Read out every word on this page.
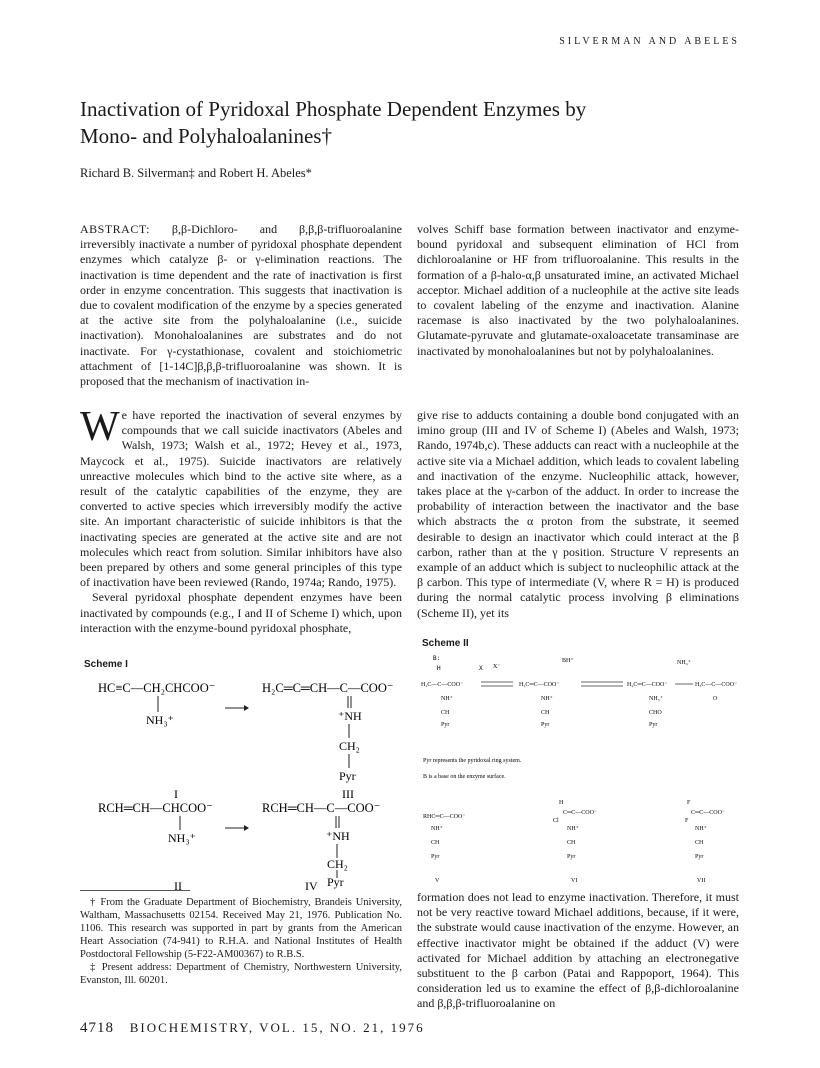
SILVERMAN AND ABELES
Inactivation of Pyridoxal Phosphate Dependent Enzymes by Mono- and Polyhaloalanines†
Richard B. Silverman‡ and Robert H. Abeles*
ABSTRACT: β,β-Dichloro- and β,β,β-trifluoroalanine irreversibly inactivate a number of pyridoxal phosphate dependent enzymes which catalyze β- or γ-elimination reactions. The inactivation is time dependent and the rate of inactivation is first order in enzyme concentration. This suggests that inactivation is due to covalent modification of the enzyme by a species generated at the active site from the polyhaloalanine (i.e., suicide inactivation). Monohaloalanines are substrates and do not inactivate. For γ-cystathionase, covalent and stoichiometric attachment of [1-14C]β,β,β-trifluoroalanine was shown. It is proposed that the mechanism of inactivation in-
volves Schiff base formation between inactivator and enzyme-bound pyridoxal and subsequent elimination of HCl from dichloroalanine or HF from trifluoroalanine. This results in the formation of a β-halo-α,β unsaturated imine, an activated Michael acceptor. Michael addition of a nucleophile at the active site leads to covalent labeling of the enzyme and inactivation. Alanine racemase is also inactivated by the two polyhaloalanines. Glutamate-pyruvate and glutamate-oxaloacetate transaminase are inactivated by monohaloalanines but not by polyhaloalanines.

We have reported the inactivation of several enzymes by compounds that we call suicide inactivators (Abeles and Walsh, 1973; Walsh et al., 1972; Hevey et al., 1973, Maycock et al., 1975). Suicide inactivators are relatively unreactive molecules which bind to the active site where, as a result of the catalytic capabilities of the enzyme, they are converted to active species which irreversibly modify the active site. An important characteristic of suicide inhibitors is that the inactivating species are generated at the active site and are not molecules which react from solution. Similar inhibitors have also been prepared by others and some general principles of this type of inactivation have been reviewed (Rando, 1974a; Rando, 1975).

Several pyridoxal phosphate dependent enzymes have been inactivated by compounds (e.g., I and II of Scheme I) which, upon interaction with the enzyme-bound pyridoxal phosphate,

Scheme I
HC≡C—CH₂CHCOO⁻
NH₃⁺
H₂C═C═CH—C—COO⁻
⁺NH
CH₂
Pyr
I	III
RCH═CH—CHCOO⁻
NH₃⁺
RCH═CH—C—COO⁻
⁺NH
CH₂
Pyr
II	IV

† From the Graduate Department of Biochemistry, Brandeis University, Waltham, Massachusetts 02154. Received May 21, 1976. Publication No. 1106. This research was supported in part by grants from the American Heart Association (74-941) to R.H.A. and National Institutes of Health Postdoctoral Fellowship (5-F22-AM00367) to R.B.S.

‡ Present address: Department of Chemistry, Northwestern University, Evanston, Ill. 60201.

give rise to adducts containing a double bond conjugated with an imino group (III and IV of Scheme I) (Abeles and Walsh, 1973; Rando, 1974b,c). These adducts can react with a nucleophile at the active site via a Michael addition, which leads to covalent labeling and inactivation of the enzyme. Nucleophilic attack, however, takes place at the γ-carbon of the adduct. In order to increase the probability of interaction between the inactivator and the base which abstracts the α proton from the substrate, it seemed desirable to design an inactivator which could interact at the β carbon, rather than at the γ position. Structure V represents an example of an adduct which is subject to nucleophilic attack at the β carbon. This type of intermediate (V, where R = H) is produced during the normal catalytic process involving β eliminations (Scheme II), yet its

Scheme II
B:
H	X
H₂C—C—COO⁻
NH⁺
CH
Pyr
X⁻
BH⁺
H₂C═C—COO⁻
NH⁺
CH
Pyr
H₂C═C—COO⁻
NH₃⁺
CHO
Pyr
NH₄⁺
H₃C—C—COO⁻
O
Pyr represents the pyridoxal ring system.
B is a base on the enzyme surface.
RHC═C—COO⁻
NH⁺
CH
Pyr
V
H
C═C—COO⁻
Cl
NH⁺
CH
Pyr
VI
F
C═C—COO⁻
F
NH⁺
CH
Pyr
VII

formation does not lead to enzyme inactivation. Therefore, it must not be very reactive toward Michael additions, because, if it were, the substrate would cause inactivation of the enzyme. However, an effective inactivator might be obtained if the adduct (V) were activated for Michael addition by attaching an electronegative substituent to the β carbon (Patai and Rappoport, 1964). This consideration led us to examine the effect of β,β-dichloroalanine and β,β,β-trifluoroalanine on

4718 BIOCHEMISTRY, VOL. 15, NO. 21, 1976
